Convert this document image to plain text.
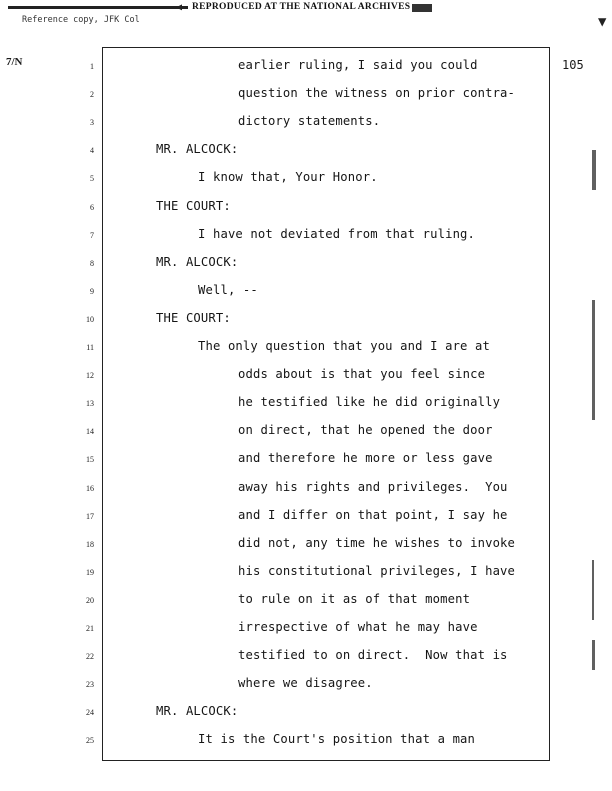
◀ REPRODUCED AT THE NATIONAL ARCHIVES
Reference copy, JFK Col
7/N	105
1	earlier ruling, I said you could
2	question the witness on prior contra-
3	dictory statements.
4	MR. ALCOCK:
5	I know that, Your Honor.
6	THE COURT:
7	I have not deviated from that ruling.
8	MR. ALCOCK:
9	Well, --
10	THE COURT:
11	The only question that you and I are at
12	odds about is that you feel since
13	he testified like he did originally
14	on direct, that he opened the door
15	and therefore he more or less gave
16	away his rights and privileges.  You
17	and I differ on that point, I say he
18	did not, any time he wishes to invoke
19	his constitutional privileges, I have
20	to rule on it as of that moment
21	irrespective of what he may have
22	testified to on direct.  Now that is
23	where we disagree.
24	MR. ALCOCK:
25	It is the Court's position that a man
▼
